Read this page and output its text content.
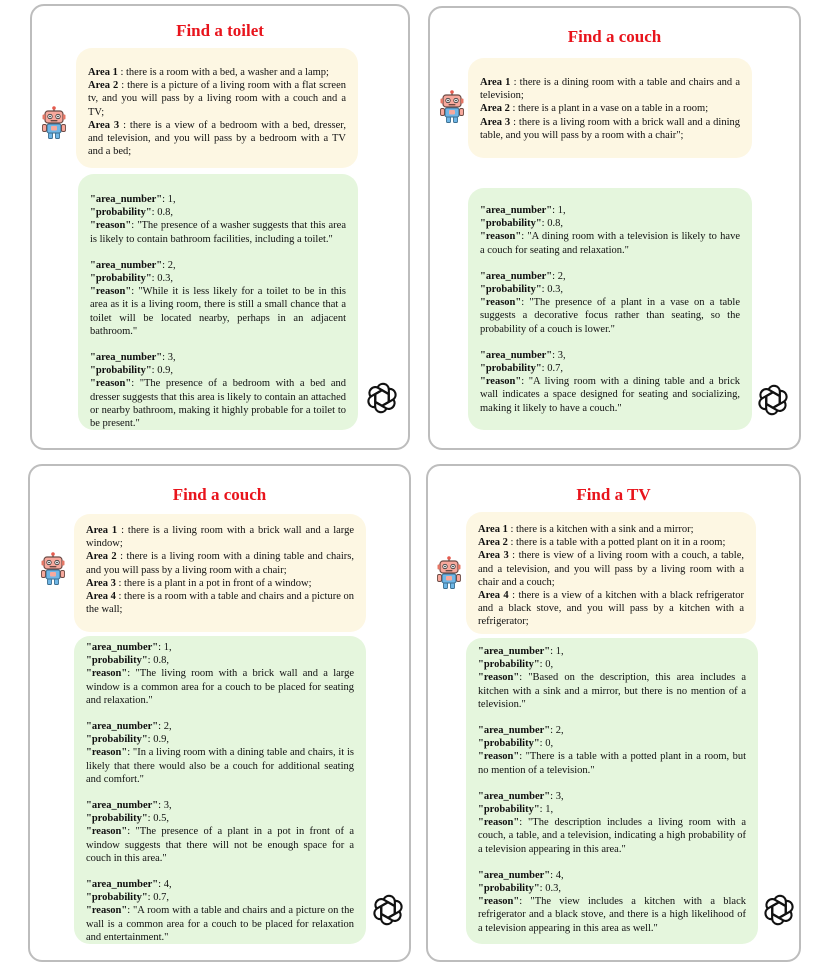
Find a toilet

Area 1 : there is a room with a bed, a washer and a lamp;

Area 2 : there is a picture of a living room with a flat screen tv, and you will pass by a living room with a couch and a TV;

Area 3 : there is a view of a bedroom with a bed, dresser, and television, and you will pass by a bedroom with a TV and a bed;

"area_number": 1,

"probability": 0.8,

"reason": "The presence of a washer suggests that this area is likely to contain bathroom facilities, including a toilet."

"area_number": 2,

"probability": 0.3,

"reason": "While it is less likely for a toilet to be in this area as it is a living room, there is still a small chance that a toilet will be located nearby, perhaps in an adjacent bathroom."

"area_number": 3,

"probability": 0.9,

"reason": "The presence of a bedroom with a bed and dresser suggests that this area is likely to contain an attached or nearby bathroom, making it highly probable for a toilet to be present."

Find a couch

Area 1 : there is a dining room with a table and chairs and a television;

Area 2 : there is a plant in a vase on a table in a room;

Area 3 : there is a living room with a brick wall and a dining table, and you will pass by a room with a chair";

"area_number": 1,

"probability": 0.8,

"reason": "A dining room with a television is likely to have a couch for seating and relaxation."

"area_number": 2,

"probability": 0.3,

"reason": "The presence of a plant in a vase on a table suggests a decorative focus rather than seating, so the probability of a couch is lower."

"area_number": 3,

"probability": 0.7,

"reason": "A living room with a dining table and a brick wall indicates a space designed for seating and socializing, making it likely to have a couch."

Find a couch

Area 1 : there is a living room with a brick wall and a large window;

Area 2 : there is a living room with a dining table and chairs, and you will pass by a living room with a chair;

Area 3 : there is a plant in a pot in front of a window;

Area 4 : there is a room with a table and chairs and a picture on the wall;

"area_number": 1,

"probability": 0.8,

"reason": "The living room with a brick wall and a large window is a common area for a couch to be placed for seating and relaxation."

"area_number": 2,

"probability": 0.9,

"reason": "In a living room with a dining table and chairs, it is likely that there would also be a couch for additional seating and comfort."

"area_number": 3,

"probability": 0.5,

"reason": "The presence of a plant in a pot in front of a window suggests that there will not be enough space for a couch in this area."

"area_number": 4,

"probability": 0.7,

"reason": "A room with a table and chairs and a picture on the wall is a common area for a couch to be placed for relaxation and entertainment."

Find a TV

Area 1 : there is a kitchen with a sink and a mirror;

Area 2 : there is a table with a potted plant on it in a room;

Area 3 : there is view of a living room with a couch, a table, and a television, and you will pass by a living room with a chair and a couch;

Area 4 : there is a view of a kitchen with a black refrigerator and a black stove, and you will pass by a kitchen with a refrigerator;

"area_number": 1,

"probability": 0,

"reason": "Based on the description, this area includes a kitchen with a sink and a mirror, but there is no mention of a television."

"area_number": 2,

"probability": 0,

"reason": "There is a table with a potted plant in a room, but no mention of a television."

"area_number": 3,

"probability": 1,

"reason": "The description includes a living room with a couch, a table, and a television, indicating a high probability of a television appearing in this area."

"area_number": 4,

"probability": 0.3,

"reason": "The view includes a kitchen with a black refrigerator and a black stove, and there is a high likelihood of a television appearing in this area as well."
